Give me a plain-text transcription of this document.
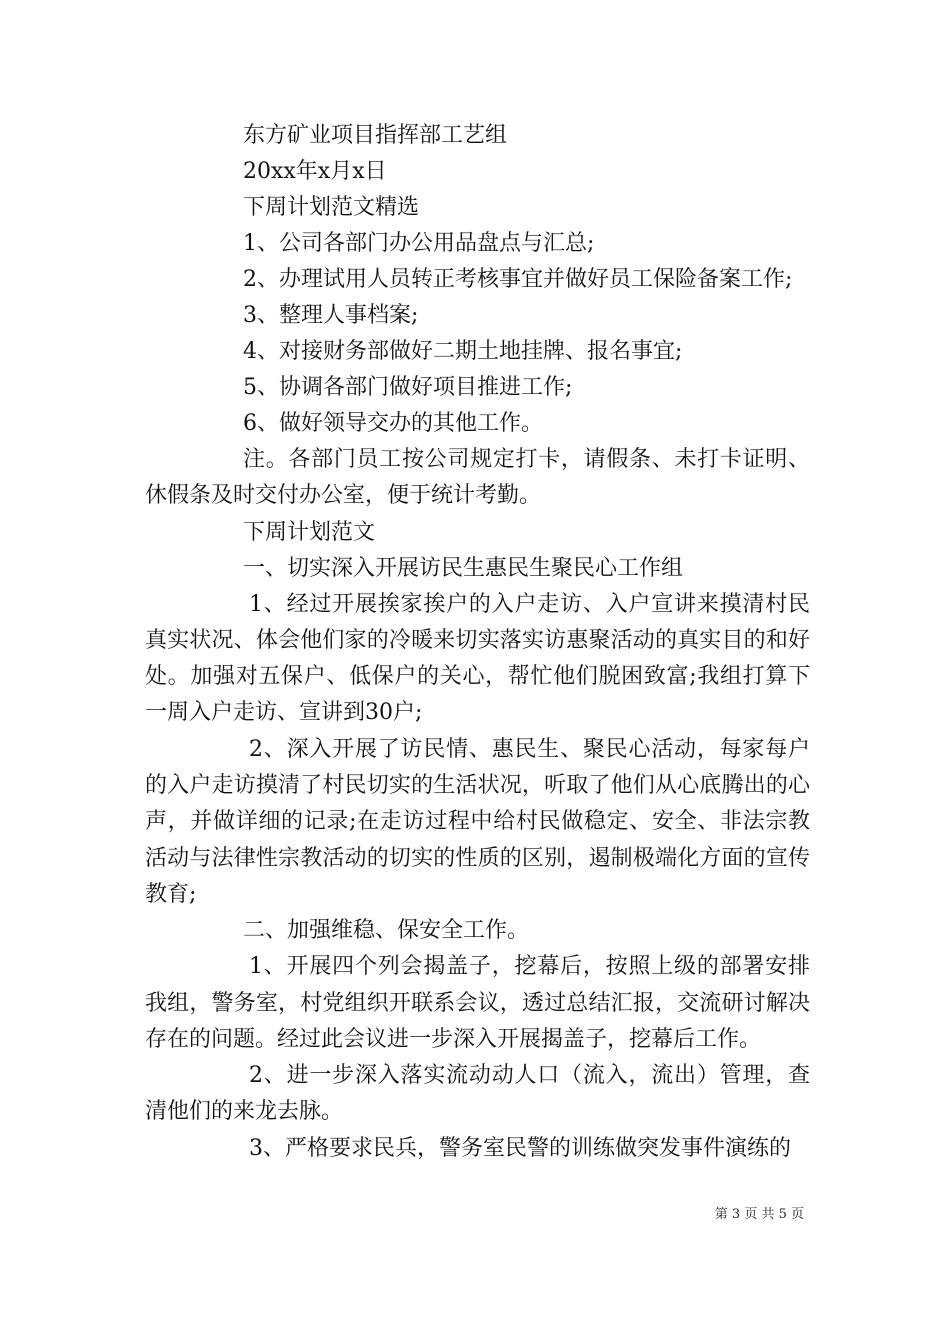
东方矿业项目指挥部工艺组
20xx年x月x日
下周计划范文精选
1、公司各部门办公用品盘点与汇总;
2、办理试用人员转正考核事宜并做好员工保险备案工作;
3、整理人事档案;
4、对接财务部做好二期土地挂牌、报名事宜;
5、协调各部门做好项目推进工作;
6、做好领导交办的其他工作。
注。各部门员工按公司规定打卡，请假条、未打卡证明、休假条及时交付办公室，便于统计考勤。
下周计划范文
一、切实深入开展访民生惠民生聚民心工作组
1、经过开展挨家挨户的入户走访、入户宣讲来摸清村民真实状况、体会他们家的冷暖来切实落实访惠聚活动的真实目的和好处。加强对五保户、低保户的关心，帮忙他们脱困致富;我组打算下一周入户走访、宣讲到30户;
2、深入开展了访民情、惠民生、聚民心活动，每家每户的入户走访摸清了村民切实的生活状况，听取了他们从心底腾出的心声，并做详细的记录;在走访过程中给村民做稳定、安全、非法宗教活动与法律性宗教活动的切实的性质的区别，遏制极端化方面的宣传教育;
二、加强维稳、保安全工作。
1、开展四个列会揭盖子，挖幕后，按照上级的部署安排我组，警务室，村党组织开联系会议，透过总结汇报，交流研讨解决存在的问题。经过此会议进一步深入开展揭盖子，挖幕后工作。
2、进一步深入落实流动动人口（流入，流出）管理，查清他们的来龙去脉。
3、严格要求民兵，警务室民警的训练做突发事件演练的
第 3 页 共 5 页
